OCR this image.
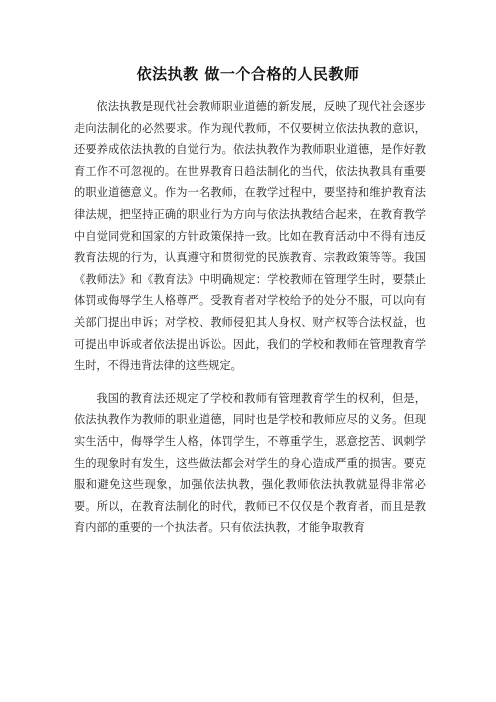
依法执教 做一个合格的人民教师

依法执教是现代社会教师职业道德的新发展，反映了现代社会逐步走向法制化的必然要求。作为现代教师，不仅要树立依法执教的意识，还要养成依法执教的自觉行为。依法执教作为教师职业道德，是作好教育工作不可忽视的。在世界教育日趋法制化的当代，依法执教具有重要的职业道德意义。作为一名教师，在教学过程中，要坚持和维护教育法律法规，把坚持正确的职业行为方向与依法执教结合起来，在教育教学中自觉同党和国家的方针政策保持一致。比如在教育活动中不得有违反教育法规的行为，认真遵守和贯彻党的民族教育、宗教政策等等。我国《教师法》和《教育法》中明确规定：学校教师在管理学生时，要禁止体罚或侮辱学生人格尊严。受教育者对学校给予的处分不服，可以向有关部门提出申诉；对学校、教师侵犯其人身权、财产权等合法权益，也可提出申诉或者依法提出诉讼。因此，我们的学校和教师在管理教育学生时，不得违背法律的这些规定。

我国的教育法还规定了学校和教师有管理教育学生的权利，但是，依法执教作为教师的职业道德，同时也是学校和教师应尽的义务。但现实生活中，侮辱学生人格，体罚学生，不尊重学生，恶意挖苦、讽刺学生的现象时有发生，这些做法都会对学生的身心造成严重的损害。要克服和避免这些现象，加强依法执教，强化教师依法执教就显得非常必要。所以，在教育法制化的时代，教师已不仅仅是个教育者，而且是教育内部的重要的一个执法者。只有依法执教，才能争取教育
